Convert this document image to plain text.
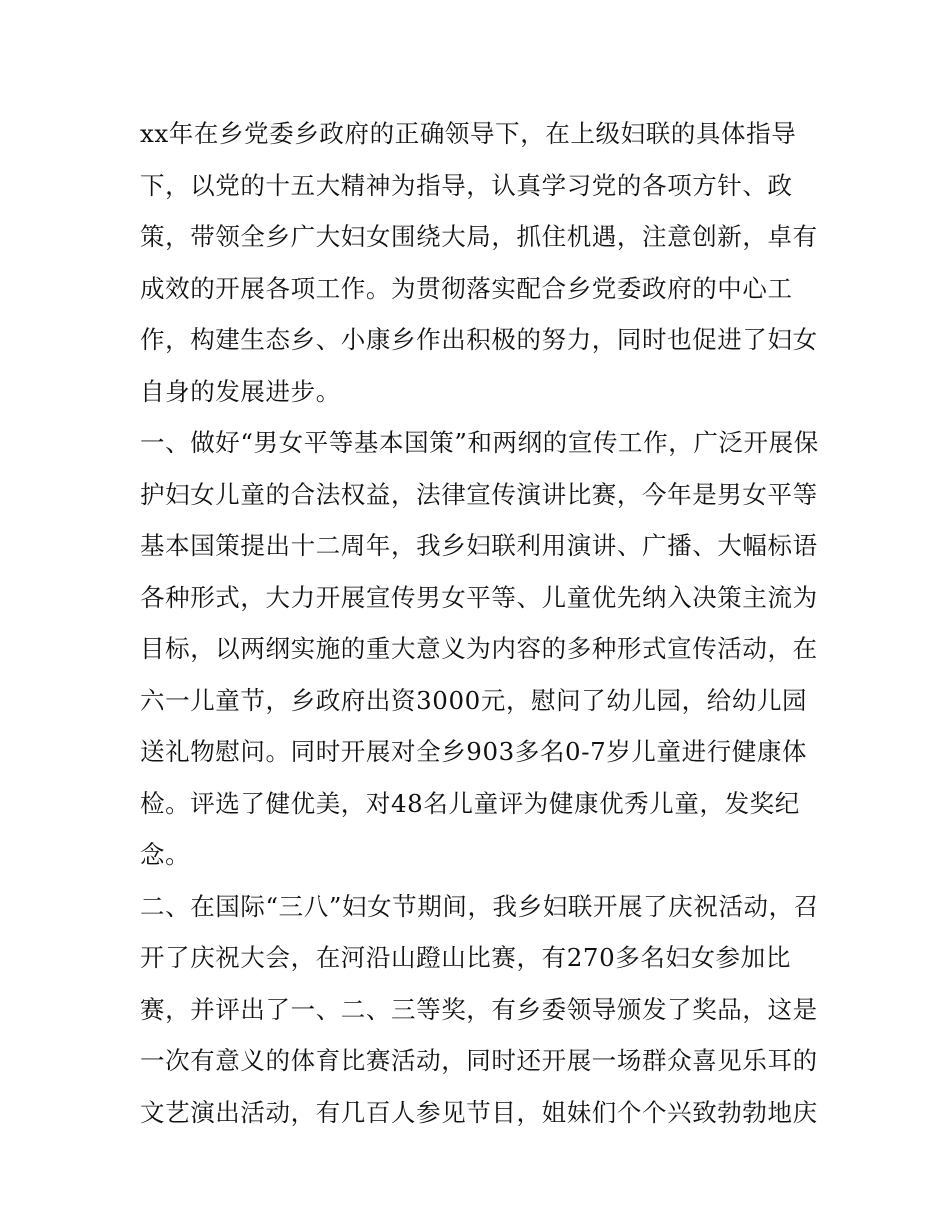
xx年在乡党委乡政府的正确领导下，在上级妇联的具体指导
下，以党的十五大精神为指导，认真学习党的各项方针、政
策，带领全乡广大妇女围绕大局，抓住机遇，注意创新，卓有
成效的开展各项工作。为贯彻落实配合乡党委政府的中心工
作，构建生态乡、小康乡作出积极的努力，同时也促进了妇女
自身的发展进步。
一、做好“男女平等基本国策”和两纲的宣传工作，广泛开展保
护妇女儿童的合法权益，法律宣传演讲比赛，今年是男女平等
基本国策提出十二周年，我乡妇联利用演讲、广播、大幅标语
各种形式，大力开展宣传男女平等、儿童优先纳入决策主流为
目标，以两纲实施的重大意义为内容的多种形式宣传活动，在
六一儿童节，乡政府出资3000元，慰问了幼儿园，给幼儿园
送礼物慰问。同时开展对全乡903多名0-7岁儿童进行健康体
检。评选了健优美，对48名儿童评为健康优秀儿童，发奖纪
念。
二、在国际“三八”妇女节期间，我乡妇联开展了庆祝活动，召
开了庆祝大会，在河沿山蹬山比赛，有270多名妇女参加比
赛，并评出了一、二、三等奖，有乡委领导颁发了奖品，这是
一次有意义的体育比赛活动，同时还开展一场群众喜见乐耳的
文艺演出活动，有几百人参见节目，姐妹们个个兴致勃勃地庆
